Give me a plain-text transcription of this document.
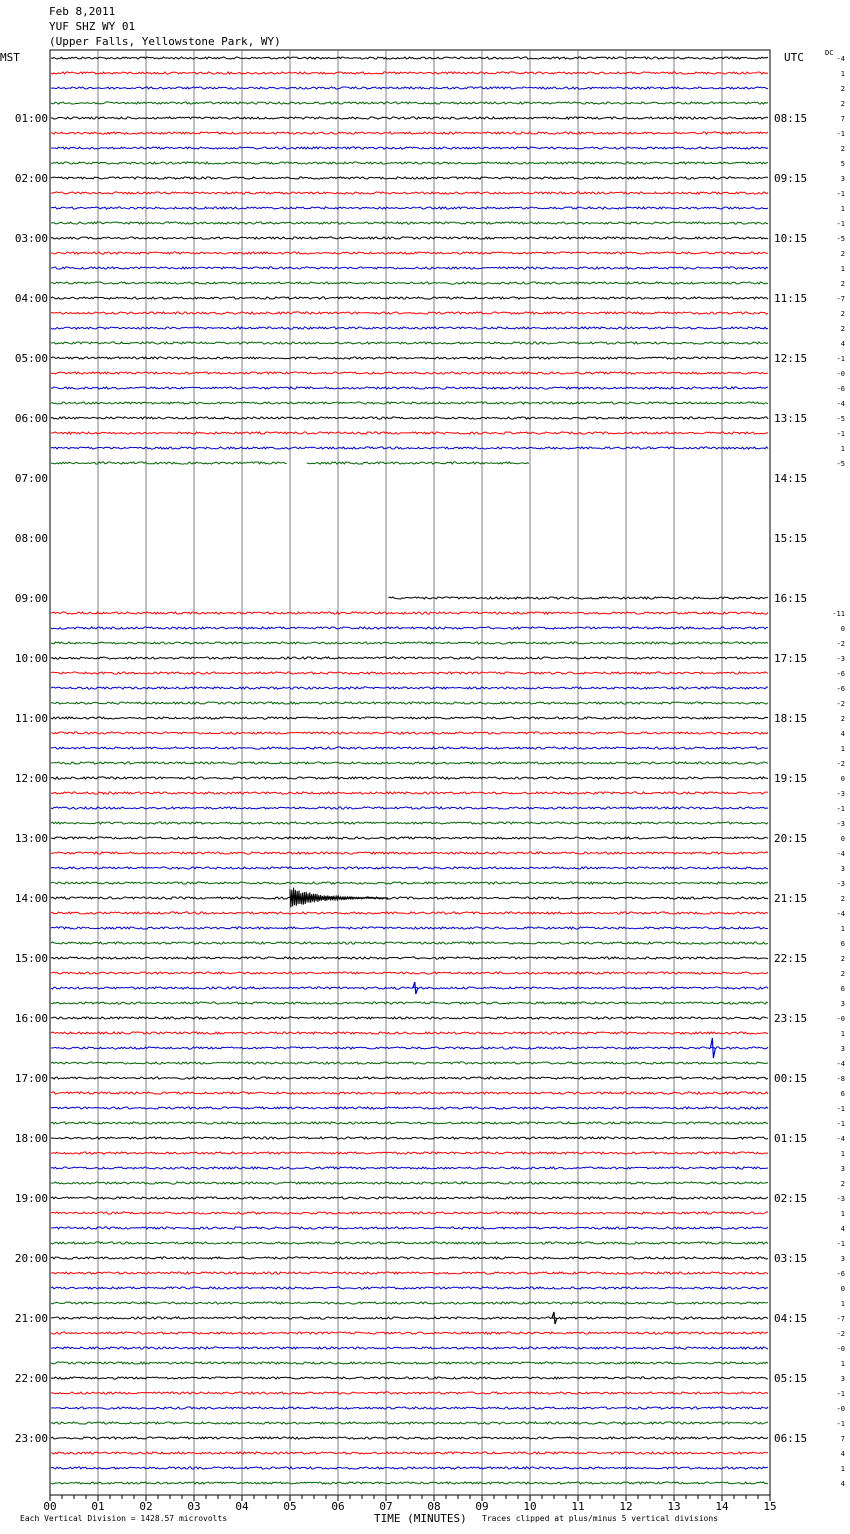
00	01	02	03	04	05	06	07	08	09	10	11	12	13	14	15
01:00
02:00
03:00
04:00
05:00
06:00
07:00
08:00
09:00
10:00
11:00
12:00
13:00
14:00
15:00
16:00
17:00
18:00
19:00
20:00
21:00
22:00
23:00
08:15
09:15
10:15
11:15
12:15
13:15
14:15
15:15
16:15
17:15
18:15
19:15
20:15
21:15
22:15
23:15
00:15
01:15
02:15
03:15
04:15
05:15
06:15
-4
1
2
2
7
-1
2
5
3
-1
1
-1
-5
2
1
2
-7
2
2
4
-1
-0
-6
-4
-5
-1
1
-5
-11
0
-2
-3
-6
-6
-2
2
4
1
-2
0
-3
-1
-3
0
-4
3
-3
2
-4
1
6
2
2
6
3
-0
1
3
-4
-8
6
-1
-1
-4
1
3
2
-3
1
4
-1
3
-6
0
1
-7
-2
-0
1
3
-1
-0
-1
7
4
1
4
Feb 8,2011
YUF SHZ WY 01
(Upper Falls, Yellowstone Park, WY)
MST	UTC	DC
Each Vertical Division = 1428.57 microvolts	TIME (MINUTES) Traces clipped at plus/minus 5 vertical divisions
